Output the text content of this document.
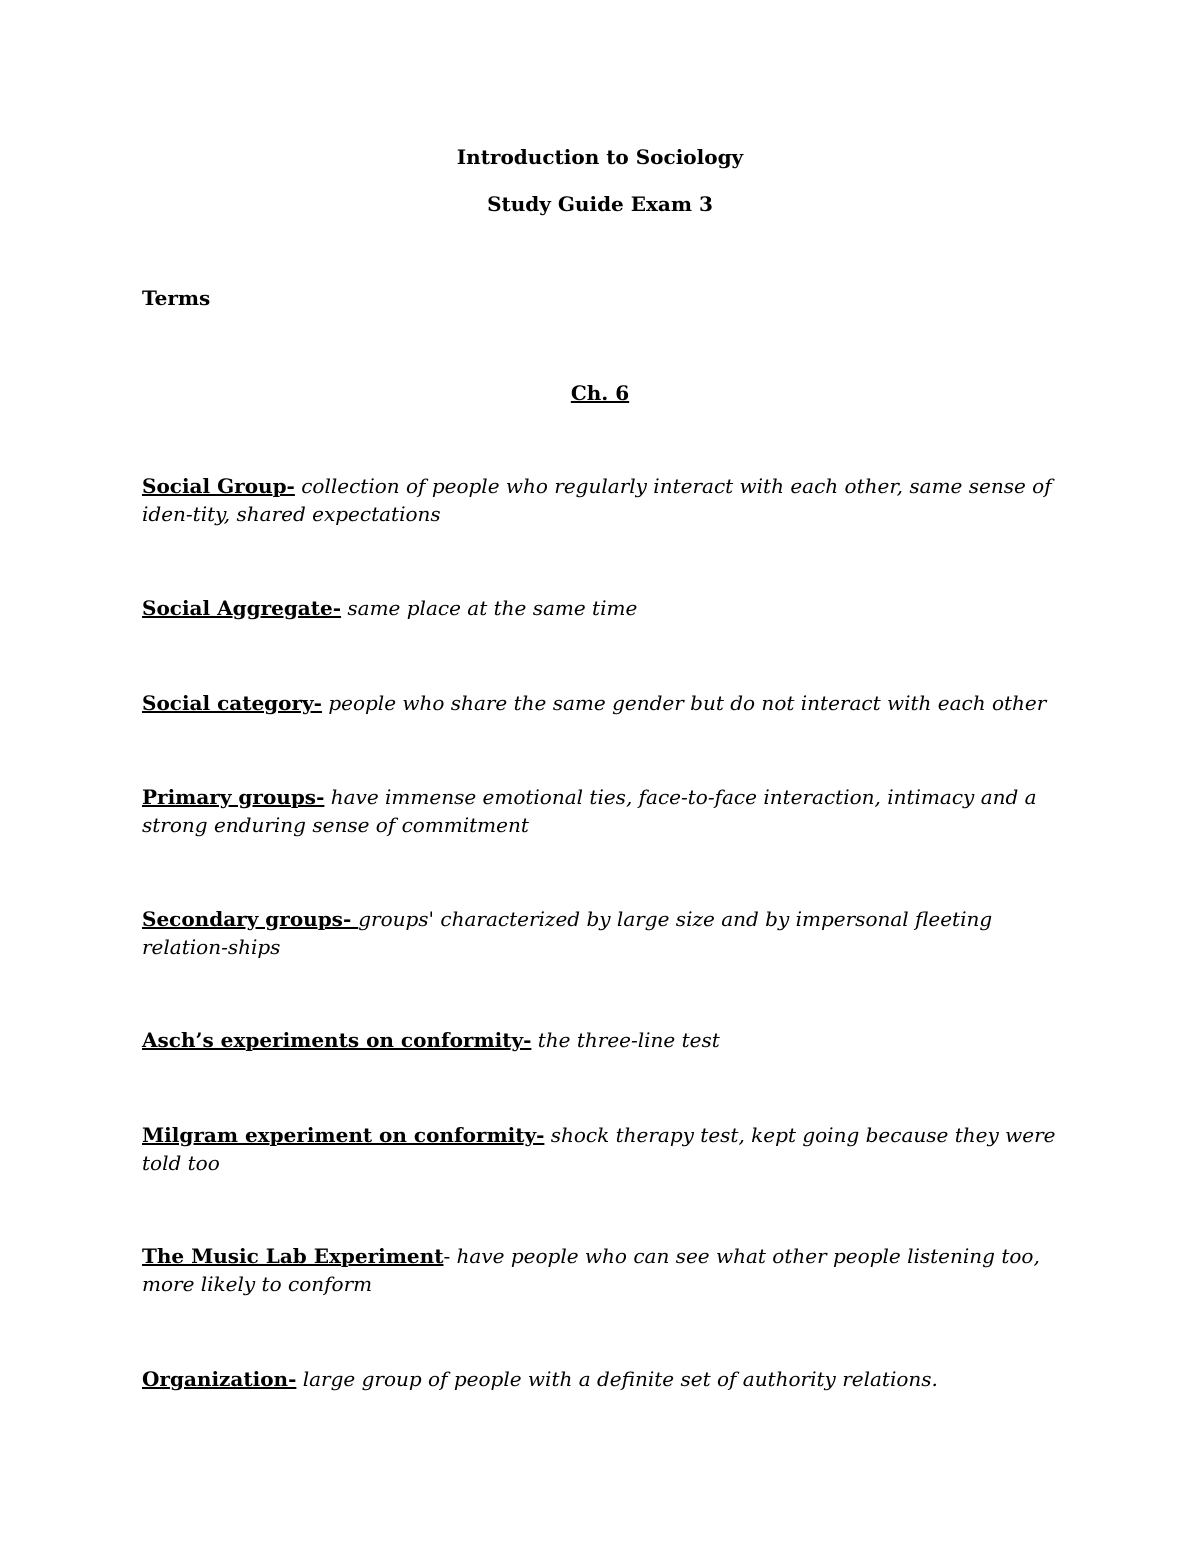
Introduction to Sociology
Study Guide Exam 3
Terms
Ch. 6
Social Group- collection of people who regularly interact with each other, same sense of iden-tity, shared expectations
Social Aggregate- same place at the same time
Social category- people who share the same gender but do not interact with each other
Primary groups- have immense emotional ties, face-to-face interaction, intimacy and a strong enduring sense of commitment
Secondary groups- groups' characterized by large size and by impersonal fleeting relation-ships
Asch’s experiments on conformity- the three-line test
Milgram experiment on conformity- shock therapy test, kept going because they were told too
The Music Lab Experiment- have people who can see what other people listening too, more likely to conform
Organization- large group of people with a definite set of authority relations.
